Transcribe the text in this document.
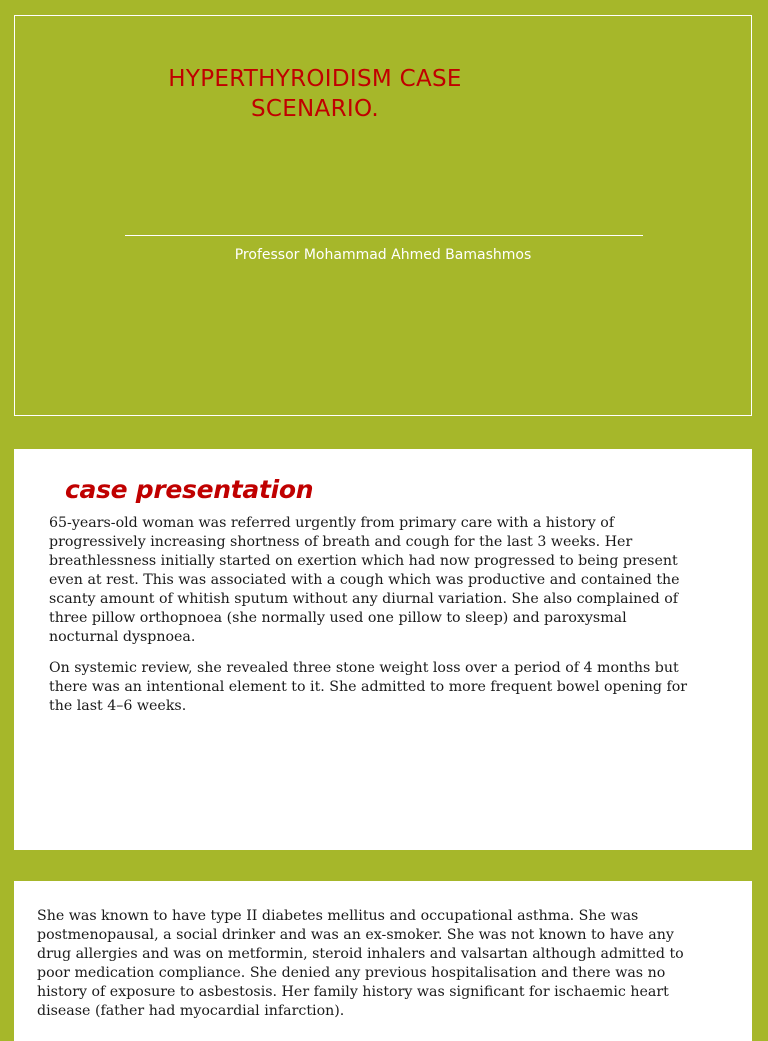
HYPERTHYROIDISM CASE
SCENARIO.

Professor Mohammad Ahmed Bamashmos

case presentation

65-years-old woman was referred urgently from primary care with a history of progressively increasing shortness of breath and cough for the last 3 weeks. Her breathlessness initially started on exertion which had now progressed to being present even at rest. This was associated with a cough which was productive and contained the scanty amount of whitish sputum without any diurnal variation. She also complained of three pillow orthopnoea (she normally used one pillow to sleep) and paroxysmal nocturnal dyspnoea.

On systemic review, she revealed three stone weight loss over a period of 4 months but there was an intentional element to it. She admitted to more frequent bowel opening for the last 4–6 weeks.

She was known to have type II diabetes mellitus and occupational asthma. She was postmenopausal, a social drinker and was an ex-smoker. She was not known to have any drug allergies and was on metformin, steroid inhalers and valsartan although admitted to poor medication compliance. She denied any previous hospitalisation and there was no history of exposure to asbestosis. Her family history was significant for ischaemic heart disease (father had myocardial infarction).
